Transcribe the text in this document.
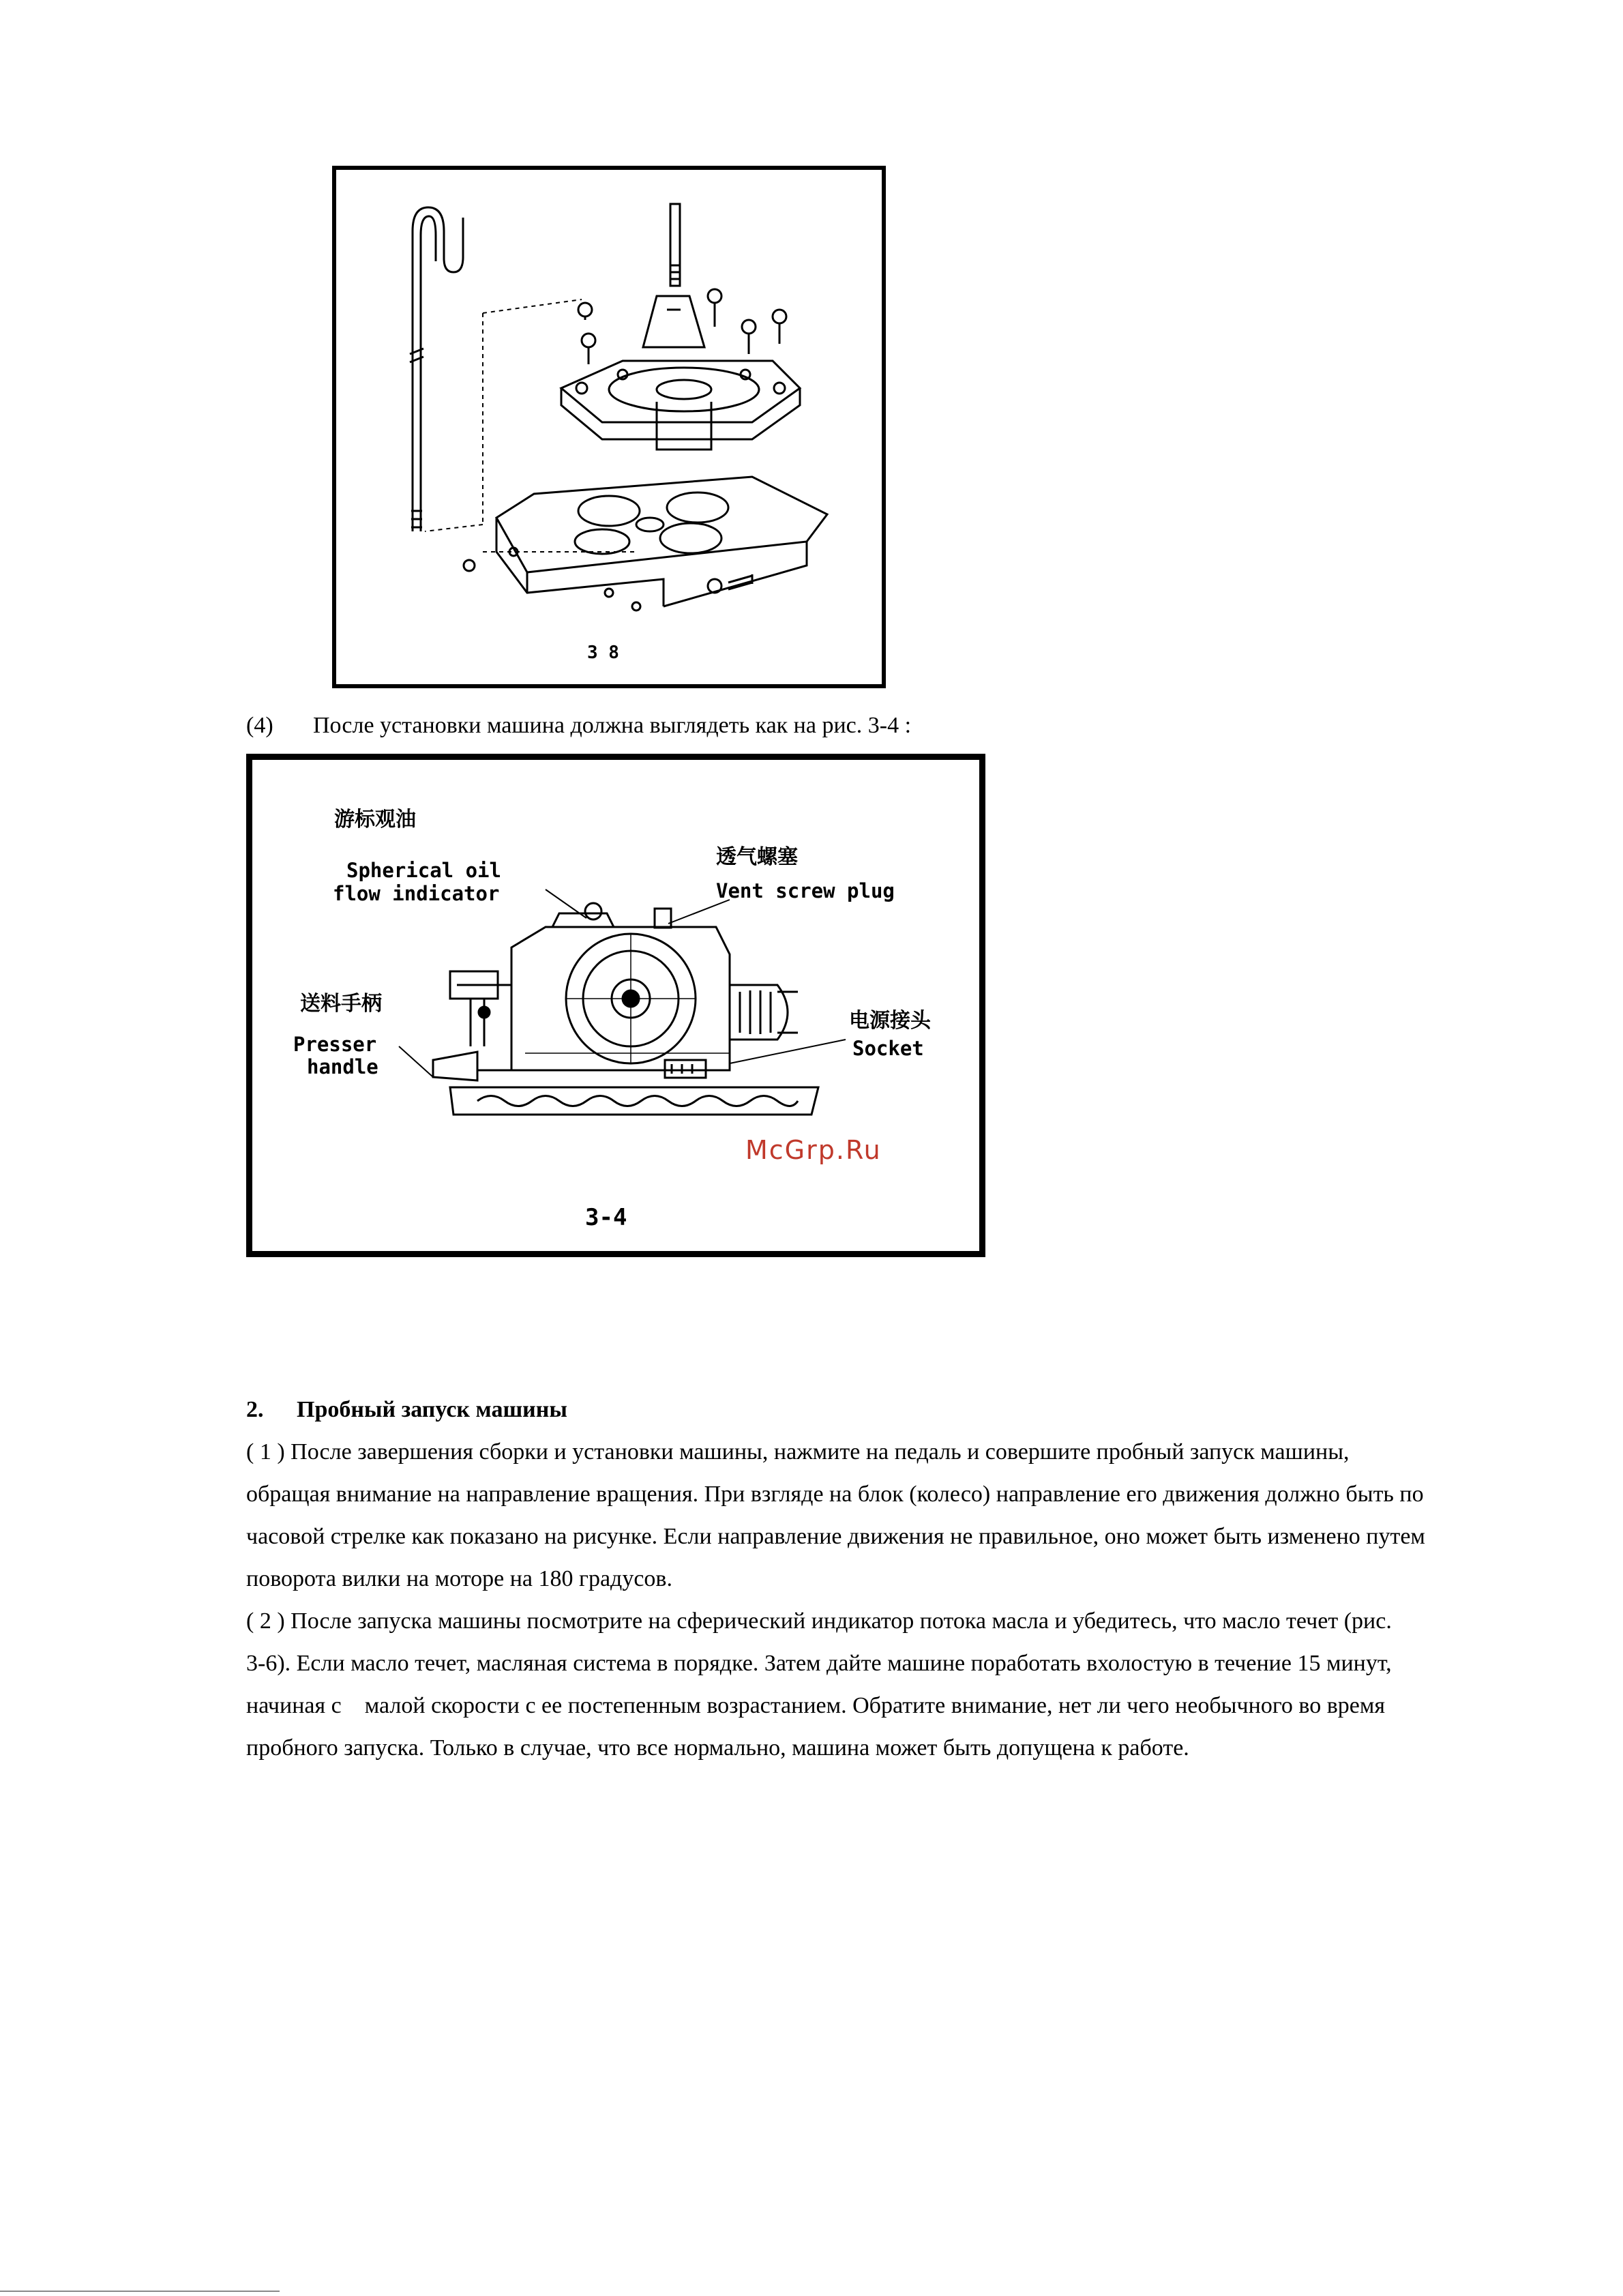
3 8
(4) После установки машина должна выглядеть как на рис. 3-4 :
游标观油
Spherical oil
flow indicator
透气螺塞
Vent screw plug
送料手柄
Presser
handle
电源接头
Socket
3-4
McGrp.Ru
2. Пробный запуск машины
( 1 ) После завершения сборки и установки машины, нажмите на педаль и совершите пробный запуск машины,
обращая внимание на направление вращения. При взгляде на блок (колесо) направление его движения должно быть по
часовой стрелке как показано на рисунке. Если направление движения не правильное, оно может быть изменено путем
поворота вилки на моторе на 180 градусов.
( 2 ) После запуска машины посмотрите на сферический индикатор потока масла и убедитесь, что масло течет (рис.
3-6). Если масло течет, масляная система в порядке. Затем дайте машине поработать вхолостую в течение 15 минут,
начиная с    малой скорости с ее постепенным возрастанием. Обратите внимание, нет ли чего необычного во время
пробного запуска. Только в случае, что все нормально, машина может быть допущена к работе.
